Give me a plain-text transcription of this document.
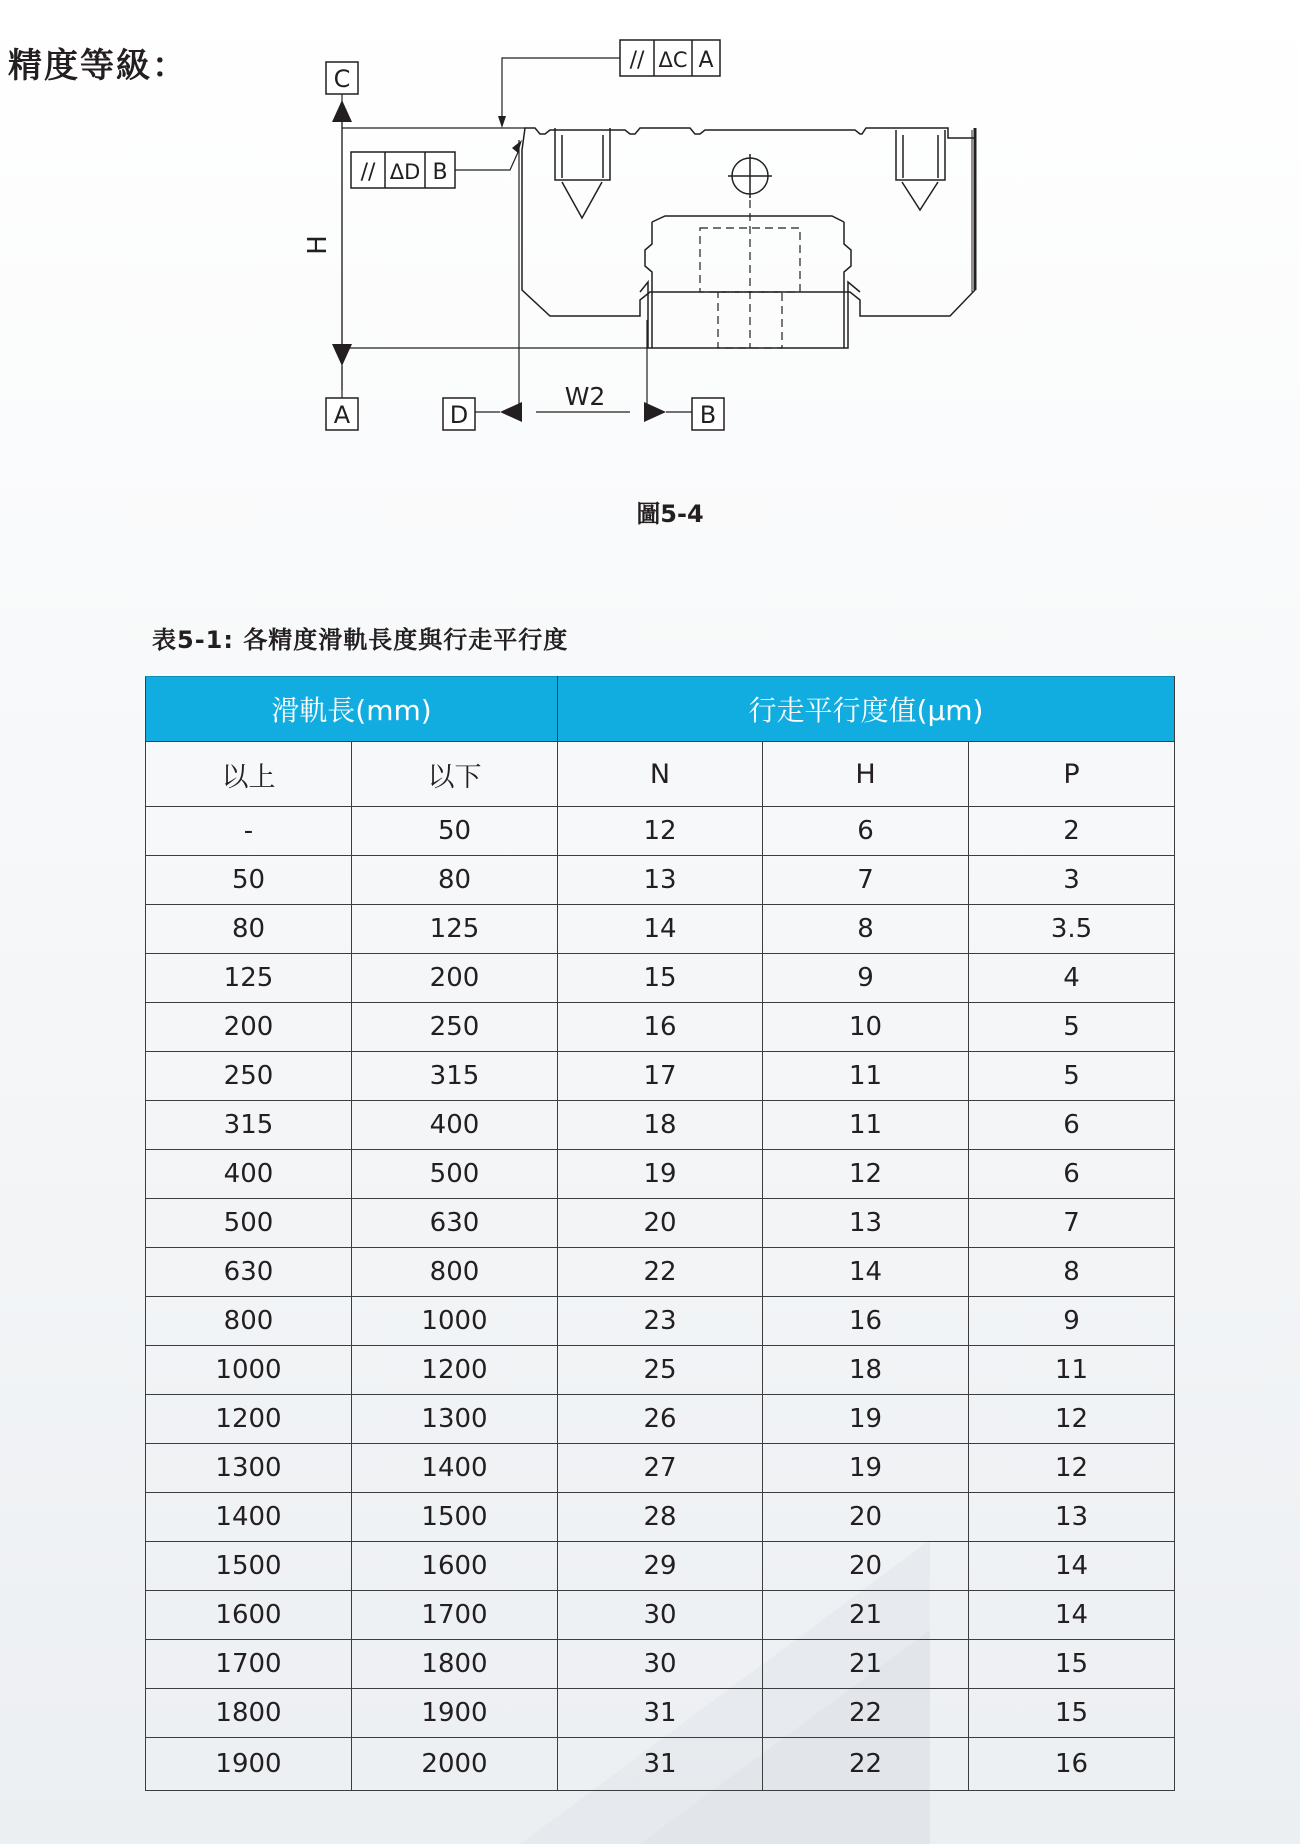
精度等級：	C
A	D	B
W2
H
// ΔC A
// ΔD B
圖5-4
表5-1: 各精度滑軌長度與行走平行度
滑軌長(mm)		行走平行度值(μm)		
以上	以下	N	H	P
-	50	12	6	2
50	80	13	7	3
80	125	14	8	3.5
125	200	15	9	4
200	250	16	10	5
250	315	17	11	5
315	400	18	11	6
400	500	19	12	6
500	630	20	13	7
630	800	22	14	8
800	1000	23	16	9
1000	1200	25	18	11
1200	1300	26	19	12
1300	1400	27	19	12
1400	1500	28	20	13
1500	1600	29	20	14
1600	1700	30	21	14
1700	1800	30	21	15
1800	1900	31	22	15
1900	2000	31	22	16
